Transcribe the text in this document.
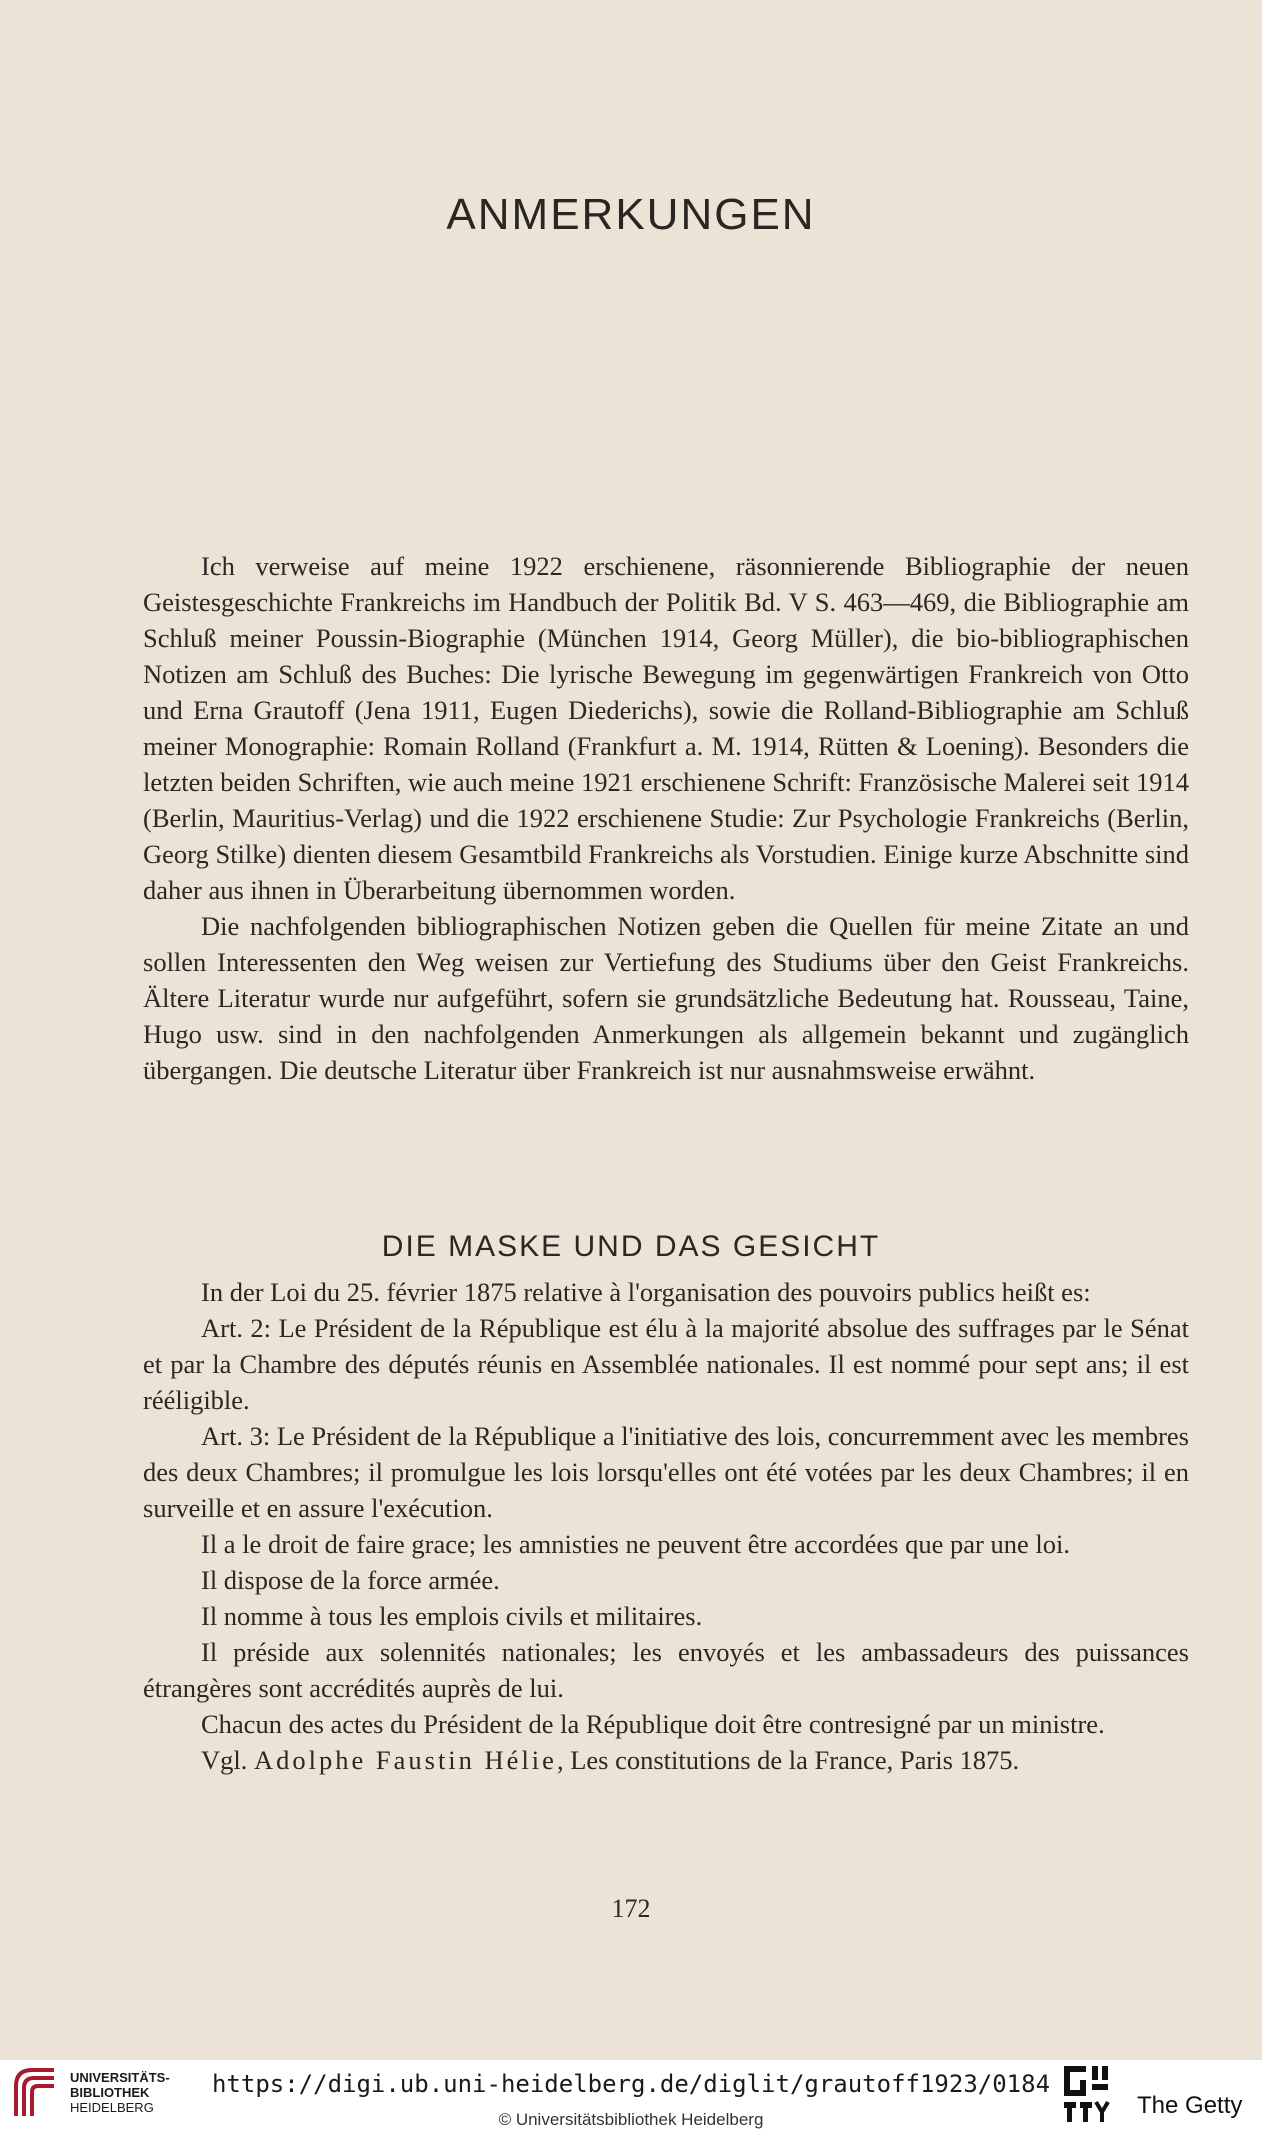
ANMERKUNGEN

Ich verweise auf meine 1922 erschienene, räsonnierende Bibliographie der neuen Geistesgeschichte Frankreichs im Handbuch der Politik Bd. V S. 463—469, die Bibliographie am Schluß meiner Poussin-Biographie (München 1914, Georg Müller), die bio-bibliographischen Notizen am Schluß des Buches: Die lyrische Bewegung im gegenwärtigen Frankreich von Otto und Erna Grautoff (Jena 1911, Eugen Diederichs), sowie die Rolland-Bibliographie am Schluß meiner Monographie: Romain Rolland (Frankfurt a. M. 1914, Rütten & Loening). Besonders die letzten beiden Schriften, wie auch meine 1921 erschienene Schrift: Französische Malerei seit 1914 (Berlin, Mauritius-Verlag) und die 1922 erschienene Studie: Zur Psychologie Frankreichs (Berlin, Georg Stilke) dienten diesem Gesamtbild Frankreichs als Vorstudien. Einige kurze Abschnitte sind daher aus ihnen in Überarbeitung übernommen worden.

Die nachfolgenden bibliographischen Notizen geben die Quellen für meine Zitate an und sollen Interessenten den Weg weisen zur Vertiefung des Studiums über den Geist Frankreichs. Ältere Literatur wurde nur aufgeführt, sofern sie grundsätzliche Bedeutung hat. Rousseau, Taine, Hugo usw. sind in den nachfolgenden Anmerkungen als allgemein bekannt und zugänglich übergangen. Die deutsche Literatur über Frankreich ist nur ausnahmsweise erwähnt.

DIE MASKE UND DAS GESICHT

In der Loi du 25. février 1875 relative à l'organisation des pouvoirs publics heißt es:

Art. 2: Le Président de la République est élu à la majorité absolue des suffrages par le Sénat et par la Chambre des députés réunis en Assemblée nationales. Il est nommé pour sept ans; il est rééligible.

Art. 3: Le Président de la République a l'initiative des lois, concurremment avec les membres des deux Chambres; il promulgue les lois lorsqu'elles ont été votées par les deux Chambres; il en surveille et en assure l'exécution.

Il a le droit de faire grace; les amnisties ne peuvent être accordées que par une loi.

Il dispose de la force armée.

Il nomme à tous les emplois civils et militaires.

Il préside aux solennités nationales; les envoyés et les ambassadeurs des puissances étrangères sont accrédités auprès de lui.

Chacun des actes du Président de la République doit être contresigné par un ministre.

Vgl. Adolphe Faustin Hélie, Les constitutions de la France, Paris 1875.

172
UNIVERSITÄTS-
BIBLIOTHEK
HEIDELBERG
https://digi.ub.uni-heidelberg.de/diglit/grautoff1923/0184
© Universitätsbibliothek Heidelberg
The Getty
